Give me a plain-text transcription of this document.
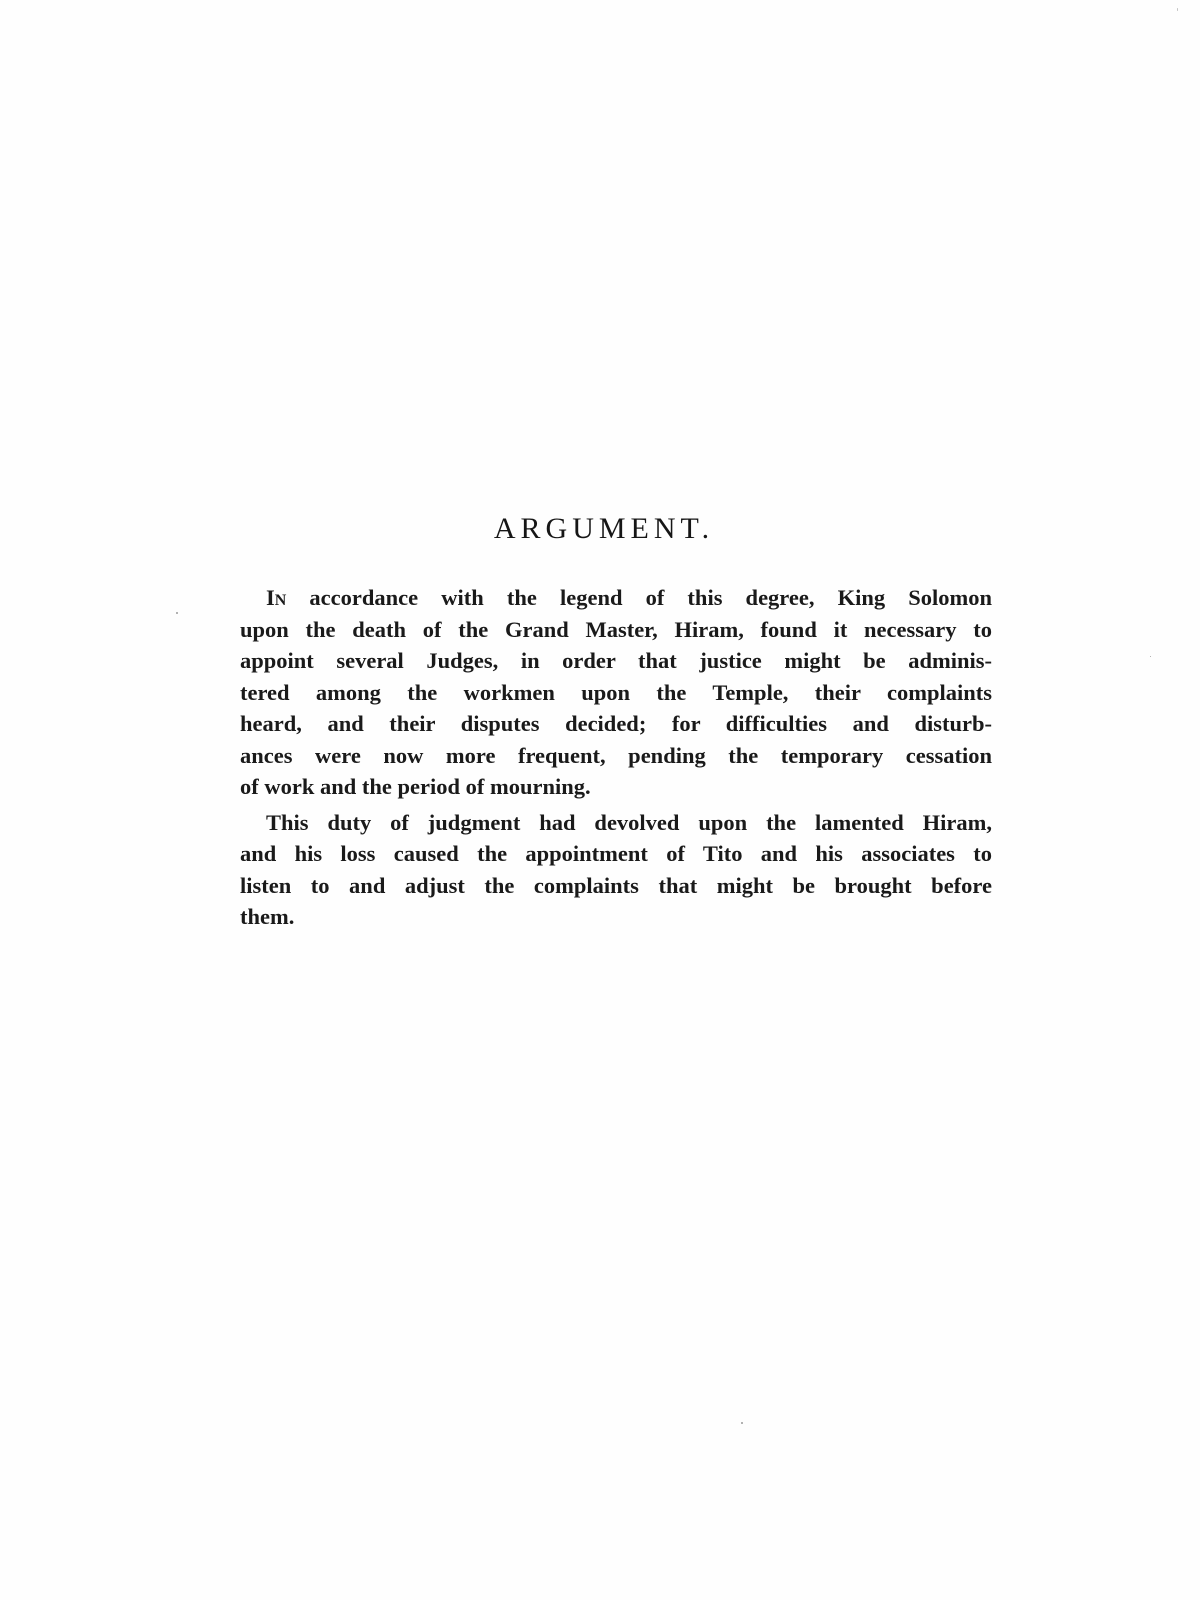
ARGUMENT.
In accordance with the legend of this degree, King Solomon
upon the death of the Grand Master, Hiram, found it necessary to
appoint several Judges, in order that justice might be adminis-
tered among the workmen upon the Temple, their complaints
heard, and their disputes decided; for difficulties and disturb-
ances were now more frequent, pending the temporary cessation
of work and the period of mourning.
This duty of judgment had devolved upon the lamented Hiram,
and his loss caused the appointment of Tito and his associates to
listen to and adjust the complaints that might be brought before
them.
